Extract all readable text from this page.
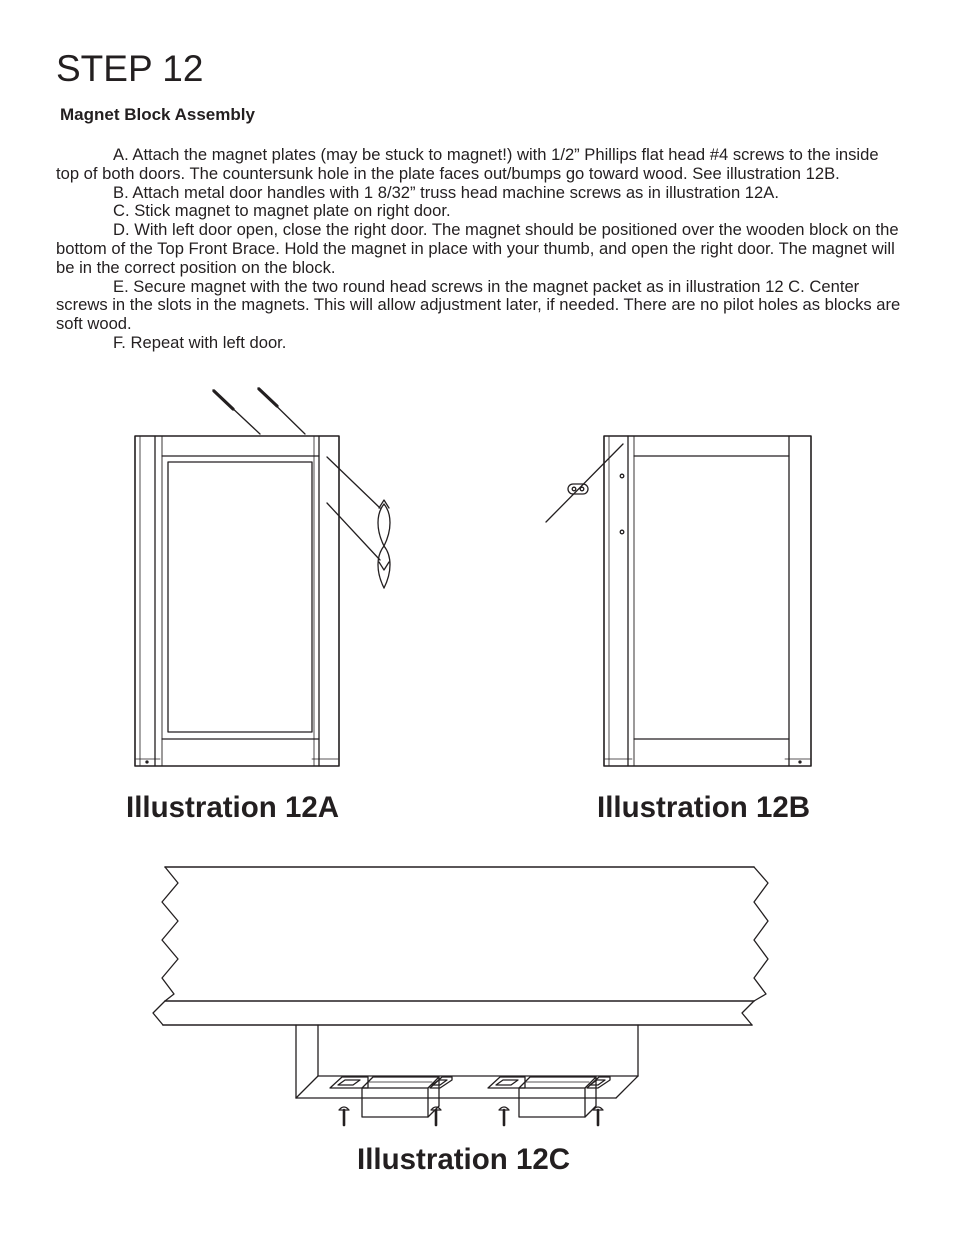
STEP 12
Magnet Block Assembly

A. Attach the magnet plates (may be stuck to magnet!) with 1/2” Phillips flat head #4 screws to the inside top of both doors. The countersunk hole in the plate faces out/bumps go toward wood. See illustration 12B.

B. Attach metal door handles with 1 8/32” truss head machine screws as in illustration 12A.

C. Stick magnet to magnet plate on right door.

D. With left door open, close the right door. The magnet should be positioned over the wooden block on the bottom of the Top Front Brace. Hold the magnet in place with your thumb, and open the right door. The magnet will be in the correct position on the block.

E. Secure magnet with the two round head screws in the magnet packet as in illustration 12 C. Center screws in the slots in the magnets. This will allow adjustment later, if needed. There are no pilot holes as blocks are soft wood.

F. Repeat with left door.

Illustration 12A	Illustration 12B
Illustration 12C
